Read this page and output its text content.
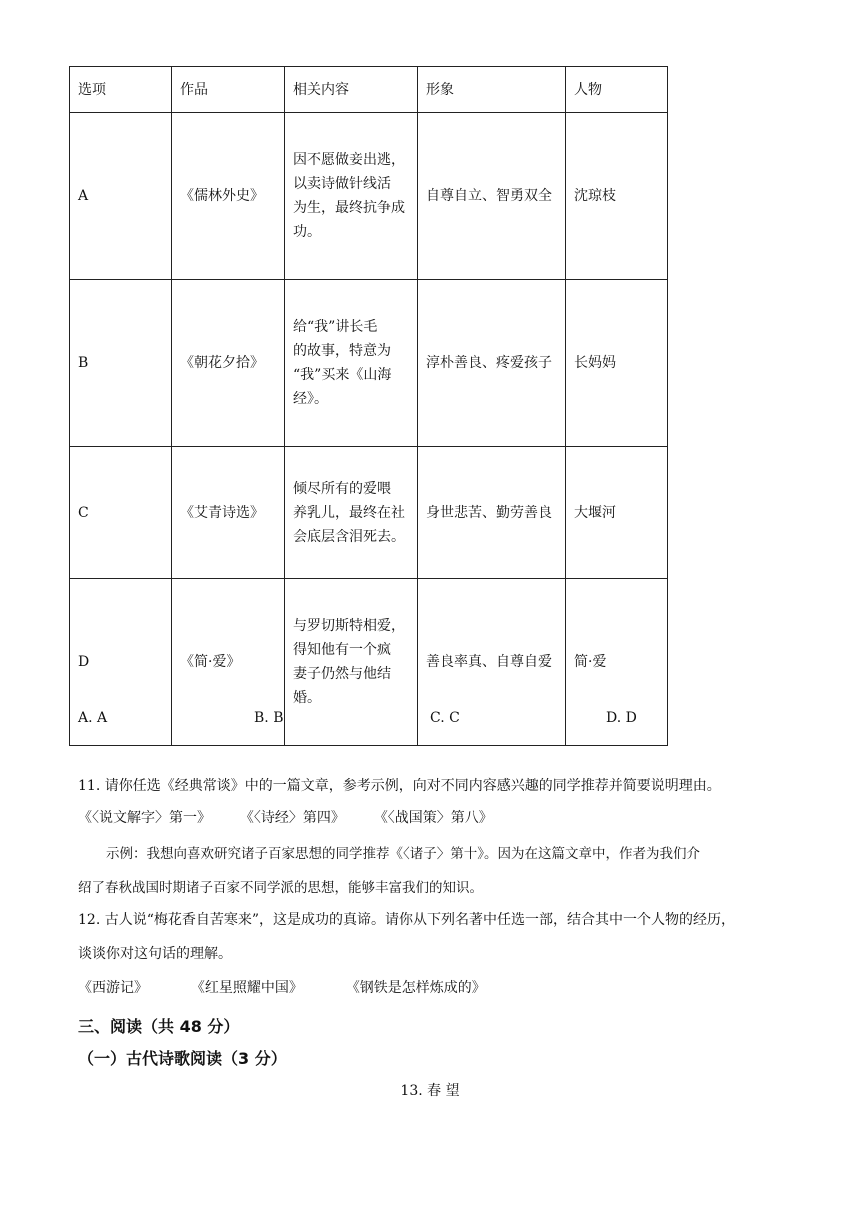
选项	作品	相关内容	形象	人物
A	《儒林外史》	因不愿做妾出逃，
以卖诗做针线活
为生，最终抗争成
功。	自尊自立、智勇双全	沈琼枝
B	《朝花夕拾》	给“我”讲长毛
的故事，特意为
“我”买来《山海
经》。	淳朴善良、疼爱孩子	长妈妈
C	《艾青诗选》	倾尽所有的爱喂
养乳儿，最终在社
会底层含泪死去。	身世悲苦、勤劳善良	大堰河
D	《简·爱》	与罗切斯特相爱，
得知他有一个疯
妻子仍然与他结
婚。	善良率真、自尊自爱	简·爱
A. A	B. B	C. C	D. D
11. 请你任选《经典常谈》中的一篇文章，参考示例，向对不同内容感兴趣的同学推荐并简要说明理由。
《〈说文解字〉第一》 《〈诗经〉第四》 《〈战国策〉第八》
示例：我想向喜欢研究诸子百家思想的同学推荐《〈诸子〉第十》。因为在这篇文章中，作者为我们介
绍了春秋战国时期诸子百家不同学派的思想，能够丰富我们的知识。
12. 古人说“梅花香自苦寒来”，这是成功的真谛。请你从下列名著中任选一部，结合其中一个人物的经历，
谈谈你对这句话的理解。
《西游记》	《红星照耀中国》	《钢铁是怎样炼成的》
三、阅读（共 48 分）
（一）古代诗歌阅读（3 分）
13. 春 望
